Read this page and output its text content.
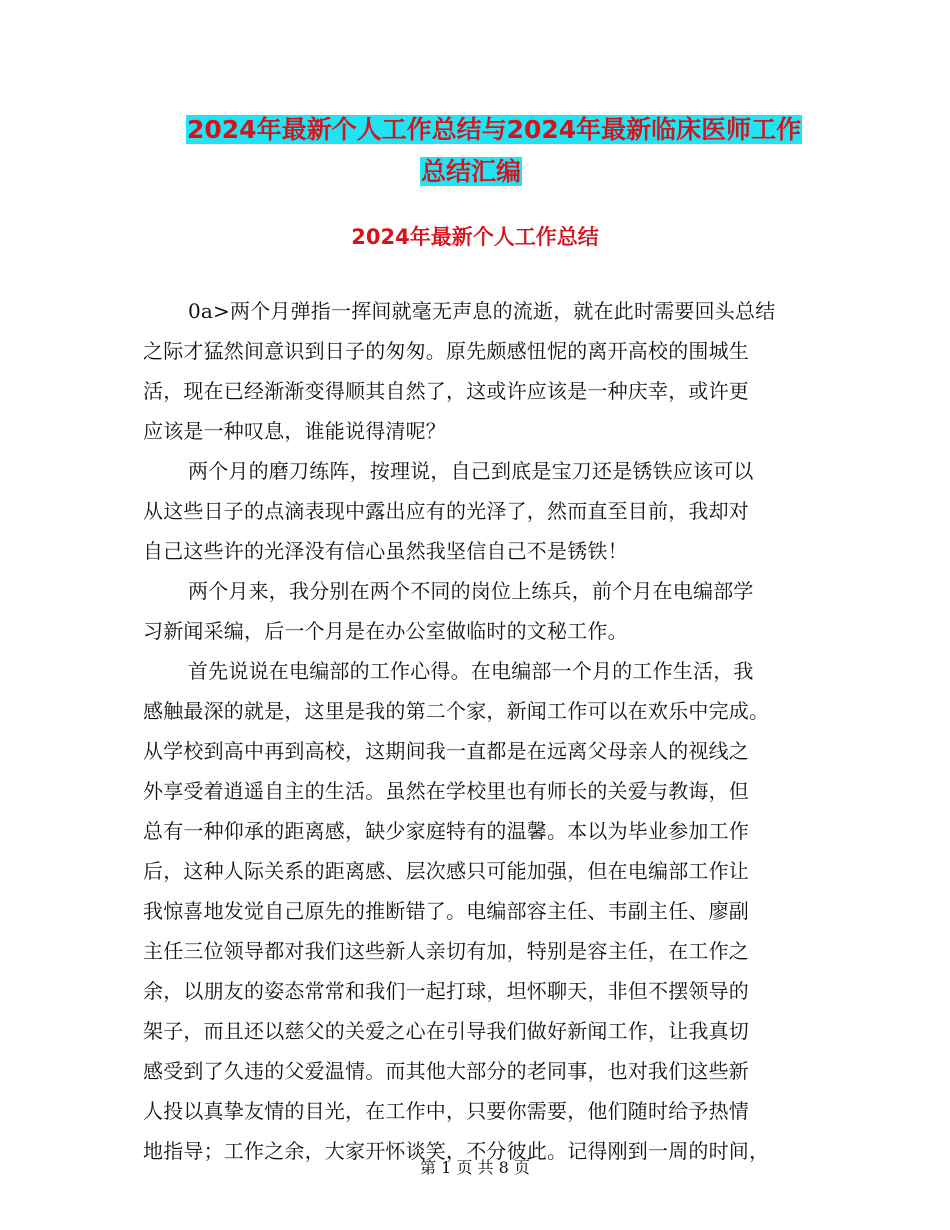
2024年最新个人工作总结与2024年最新临床医师工作
总结汇编
2024年最新个人工作总结
0a>两个月弹指一挥间就毫无声息的流逝，就在此时需要回头总结
之际才猛然间意识到日子的匆匆。原先颇感忸怩的离开高校的围城生
活，现在已经渐渐变得顺其自然了，这或许应该是一种庆幸，或许更
应该是一种叹息，谁能说得清呢？
两个月的磨刀练阵，按理说，自己到底是宝刀还是锈铁应该可以
从这些日子的点滴表现中露出应有的光泽了，然而直至目前，我却对
自己这些许的光泽没有信心虽然我坚信自己不是锈铁！
两个月来，我分别在两个不同的岗位上练兵，前个月在电编部学
习新闻采编，后一个月是在办公室做临时的文秘工作。
首先说说在电编部的工作心得。在电编部一个月的工作生活，我
感触最深的就是，这里是我的第二个家，新闻工作可以在欢乐中完成。
从学校到高中再到高校，这期间我一直都是在远离父母亲人的视线之
外享受着逍遥自主的生活。虽然在学校里也有师长的关爱与教诲，但
总有一种仰承的距离感，缺少家庭特有的温馨。本以为毕业参加工作
后，这种人际关系的距离感、层次感只可能加强，但在电编部工作让
我惊喜地发觉自己原先的推断错了。电编部容主任、韦副主任、廖副
主任三位领导都对我们这些新人亲切有加，特别是容主任，在工作之
余，以朋友的姿态常常和我们一起打球，坦怀聊天，非但不摆领导的
架子，而且还以慈父的关爱之心在引导我们做好新闻工作，让我真切
感受到了久违的父爱温情。而其他大部分的老同事，也对我们这些新
人投以真挚友情的目光，在工作中，只要你需要，他们随时给予热情
地指导；工作之余，大家开怀谈笑，不分彼此。记得刚到一周的时间，
第 1 页 共 8 页
